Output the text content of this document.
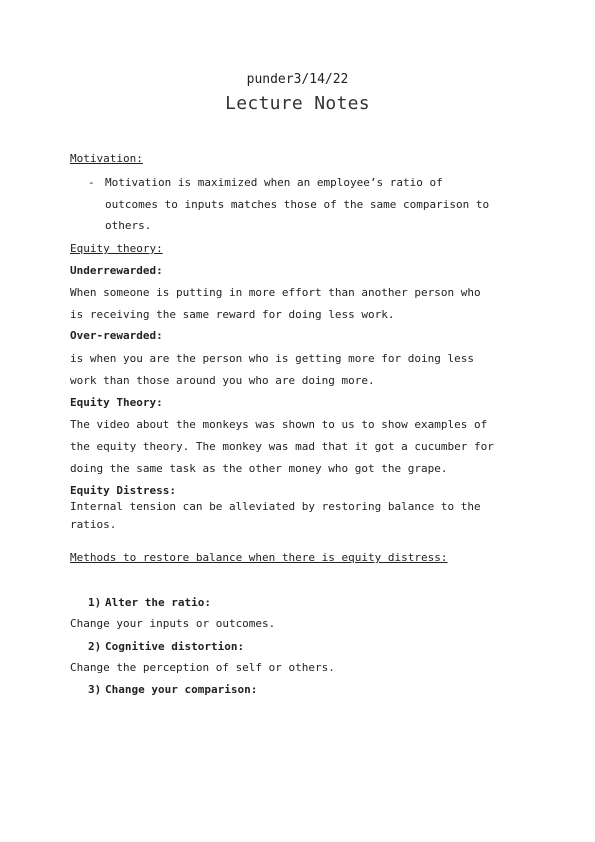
punder3/14/22
Lecture Notes
Motivation:
- Motivation is maximized when an employee’s ratio of
outcomes to inputs matches those of the same comparison to
others.
Equity theory:
Underrewarded:
When someone is putting in more effort than another person who
is receiving the same reward for doing less work.
Over-rewarded:
is when you are the person who is getting more for doing less
work than those around you who are doing more.
Equity Theory:
The video about the monkeys was shown to us to show examples of
the equity theory. The monkey was mad that it got a cucumber for
doing the same task as the other money who got the grape.
Equity Distress:
Internal tension can be alleviated by restoring balance to the
ratios.
Methods to restore balance when there is equity distress:
1) Alter the ratio:
Change your inputs or outcomes.
2) Cognitive distortion:
Change the perception of self or others.
3) Change your comparison:
